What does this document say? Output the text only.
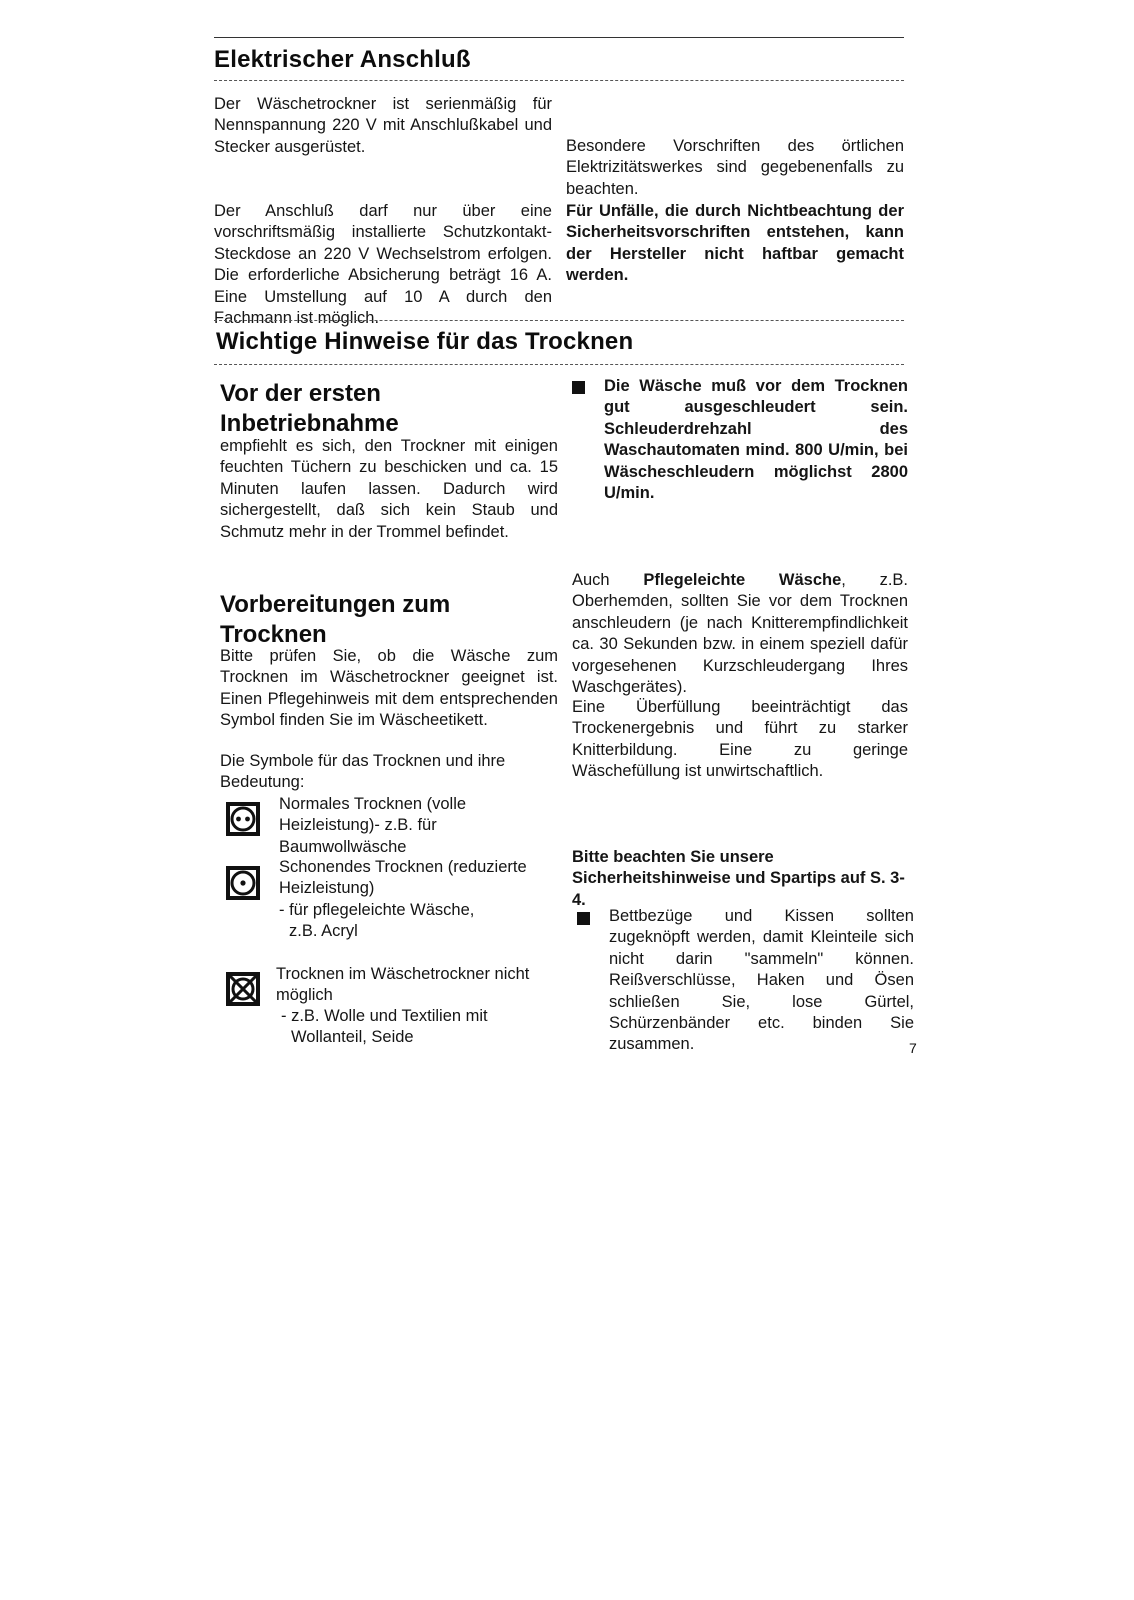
Elektrischer Anschluß

Der Wäschetrockner ist serienmäßig für Nennspannung 220 V mit Anschlußkabel und Stecker ausgerüstet.

Der Anschluß darf nur über eine vorschriftsmäßig installierte Schutzkontakt-Steckdose an 220 V Wechselstrom erfolgen. Die erforderliche Absicherung beträgt 16 A. Eine Umstellung auf 10 A durch den Fachmann ist möglich.

Besondere Vorschriften des örtlichen Elektrizitätswerkes sind gegebenenfalls zu beachten.

Für Unfälle, die durch Nichtbeachtung der Sicherheitsvorschriften entstehen, kann der Hersteller nicht haftbar gemacht werden.

Wichtige Hinweise für das Trocknen
Vor der ersten Inbetriebnahme

empfiehlt es sich, den Trockner mit einigen feuchten Tüchern zu beschicken und ca. 15 Minuten laufen lassen. Dadurch wird sichergestellt, daß sich kein Staub und Schmutz mehr in der Trommel befindet.

Vorbereitungen zum Trocknen

Bitte prüfen Sie, ob die Wäsche zum Trocknen im Wäschetrockner geeignet ist. Einen Pflegehinweis mit dem entsprechenden Symbol finden Sie im Wäscheetikett.

Die Symbole für das Trocknen und ihre Bedeutung:

Normales Trocknen (volle Heizleistung)- z.B. für Baumwollwäsche

Schonendes Trocknen (reduzierte Heizleistung)

- für pflegeleichte Wäsche,

z.B. Acryl

Trocknen im Wäschetrockner nicht möglich

- z.B. Wolle und Textilien mit

Wollanteil, Seide

Die Wäsche muß vor dem Trocknen gut ausgeschleudert sein. Schleuderdrehzahl des Waschautomaten mind. 800 U/min, bei Wäscheschleudern möglichst 2800 U/min.

Auch Pflegeleichte Wäsche, z.B. Oberhemden, sollten Sie vor dem Trocknen anschleudern (je nach Knitterempfindlichkeit ca. 30 Sekunden bzw. in einem speziell dafür vorgesehenen Kurzschleudergang Ihres Waschgerätes).

Eine Überfüllung beeinträchtigt das Trockenergebnis und führt zu starker Knitterbildung. Eine zu geringe Wäschefüllung ist unwirtschaftlich.

Bitte beachten Sie unsere Sicherheitshinweise und Spartips auf S. 3-4.

Bettbezüge und Kissen sollten zugeknöpft werden, damit Kleinteile sich nicht darin "sammeln" können. Reißverschlüsse, Haken und Ösen schließen Sie, lose Gürtel, Schürzenbänder etc. binden Sie zusammen.	7
